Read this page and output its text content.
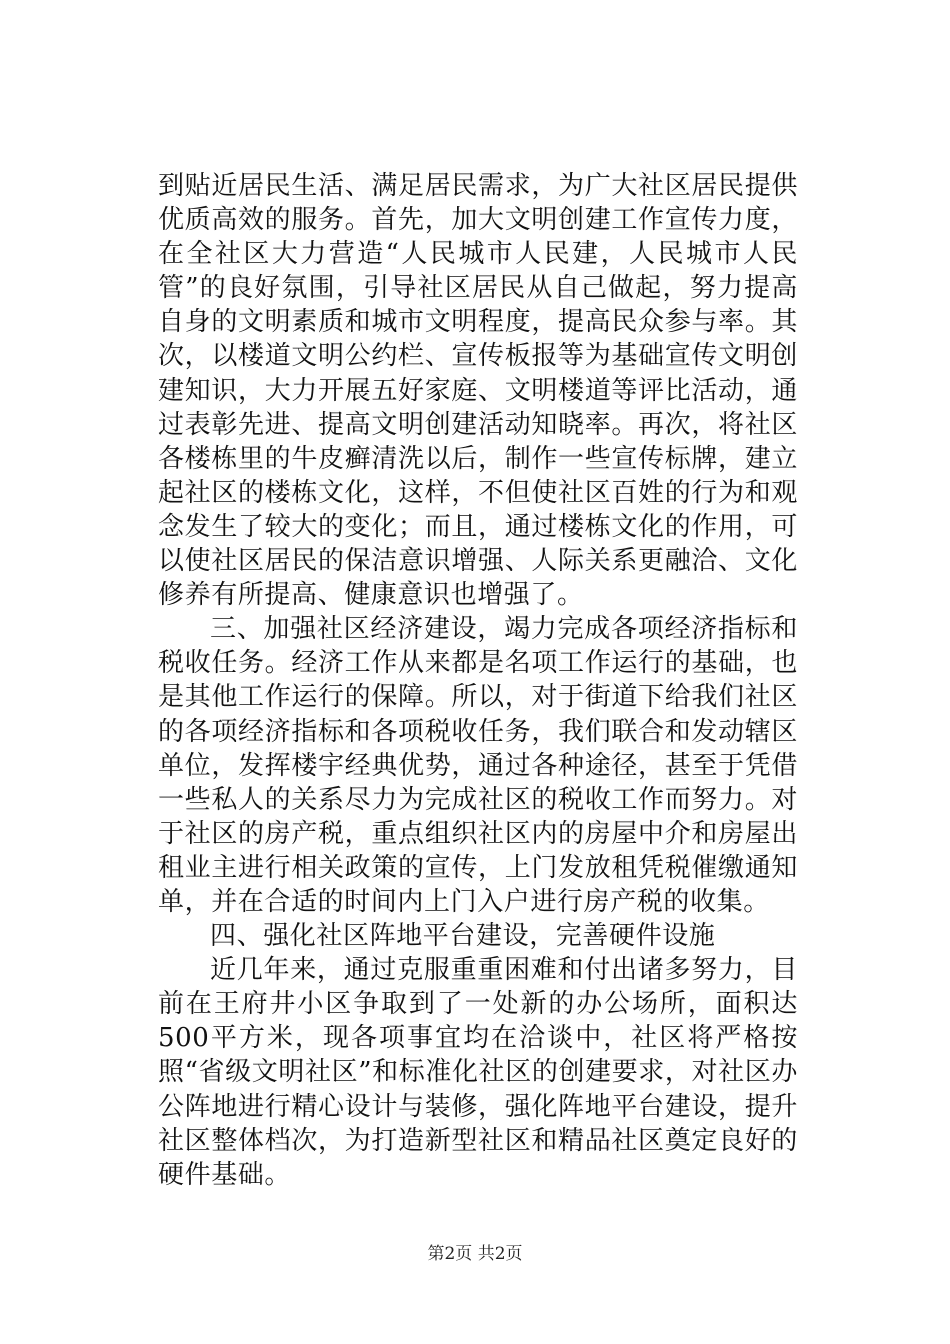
到贴近居民生活、满足居民需求，为广大社区居民提供优质高效的服务。首先，加大文明创建工作宣传力度，在全社区大力营造“人民城市人民建，人民城市人民管”的良好氛围，引导社区居民从自己做起，努力提高自身的文明素质和城市文明程度，提高民众参与率。其次，以楼道文明公约栏、宣传板报等为基础宣传文明创建知识，大力开展五好家庭、文明楼道等评比活动，通过表彰先进、提高文明创建活动知晓率。再次，将社区各楼栋里的牛皮癣清洗以后，制作一些宣传标牌，建立起社区的楼栋文化，这样，不但使社区百姓的行为和观念发生了较大的变化；而且，通过楼栋文化的作用，可以使社区居民的保洁意识增强、人际关系更融洽、文化修养有所提高、健康意识也增强了。

三、加强社区经济建设，竭力完成各项经济指标和税收任务。经济工作从来都是名项工作运行的基础，也是其他工作运行的保障。所以，对于街道下给我们社区的各项经济指标和各项税收任务，我们联合和发动辖区单位，发挥楼宇经典优势，通过各种途径，甚至于凭借一些私人的关系尽力为完成社区的税收工作而努力。对于社区的房产税，重点组织社区内的房屋中介和房屋出租业主进行相关政策的宣传，上门发放租凭税催缴通知单，并在合适的时间内上门入户进行房产税的收集。

四、强化社区阵地平台建设，完善硬件设施

近几年来，通过克服重重困难和付出诸多努力，目前在王府井小区争取到了一处新的办公场所，面积达500平方米，现各项事宜均在洽谈中，社区将严格按照“省级文明社区”和标准化社区的创建要求，对社区办公阵地进行精心设计与装修，强化阵地平台建设，提升社区整体档次，为打造新型社区和精品社区奠定良好的硬件基础。

第2页 共2页
